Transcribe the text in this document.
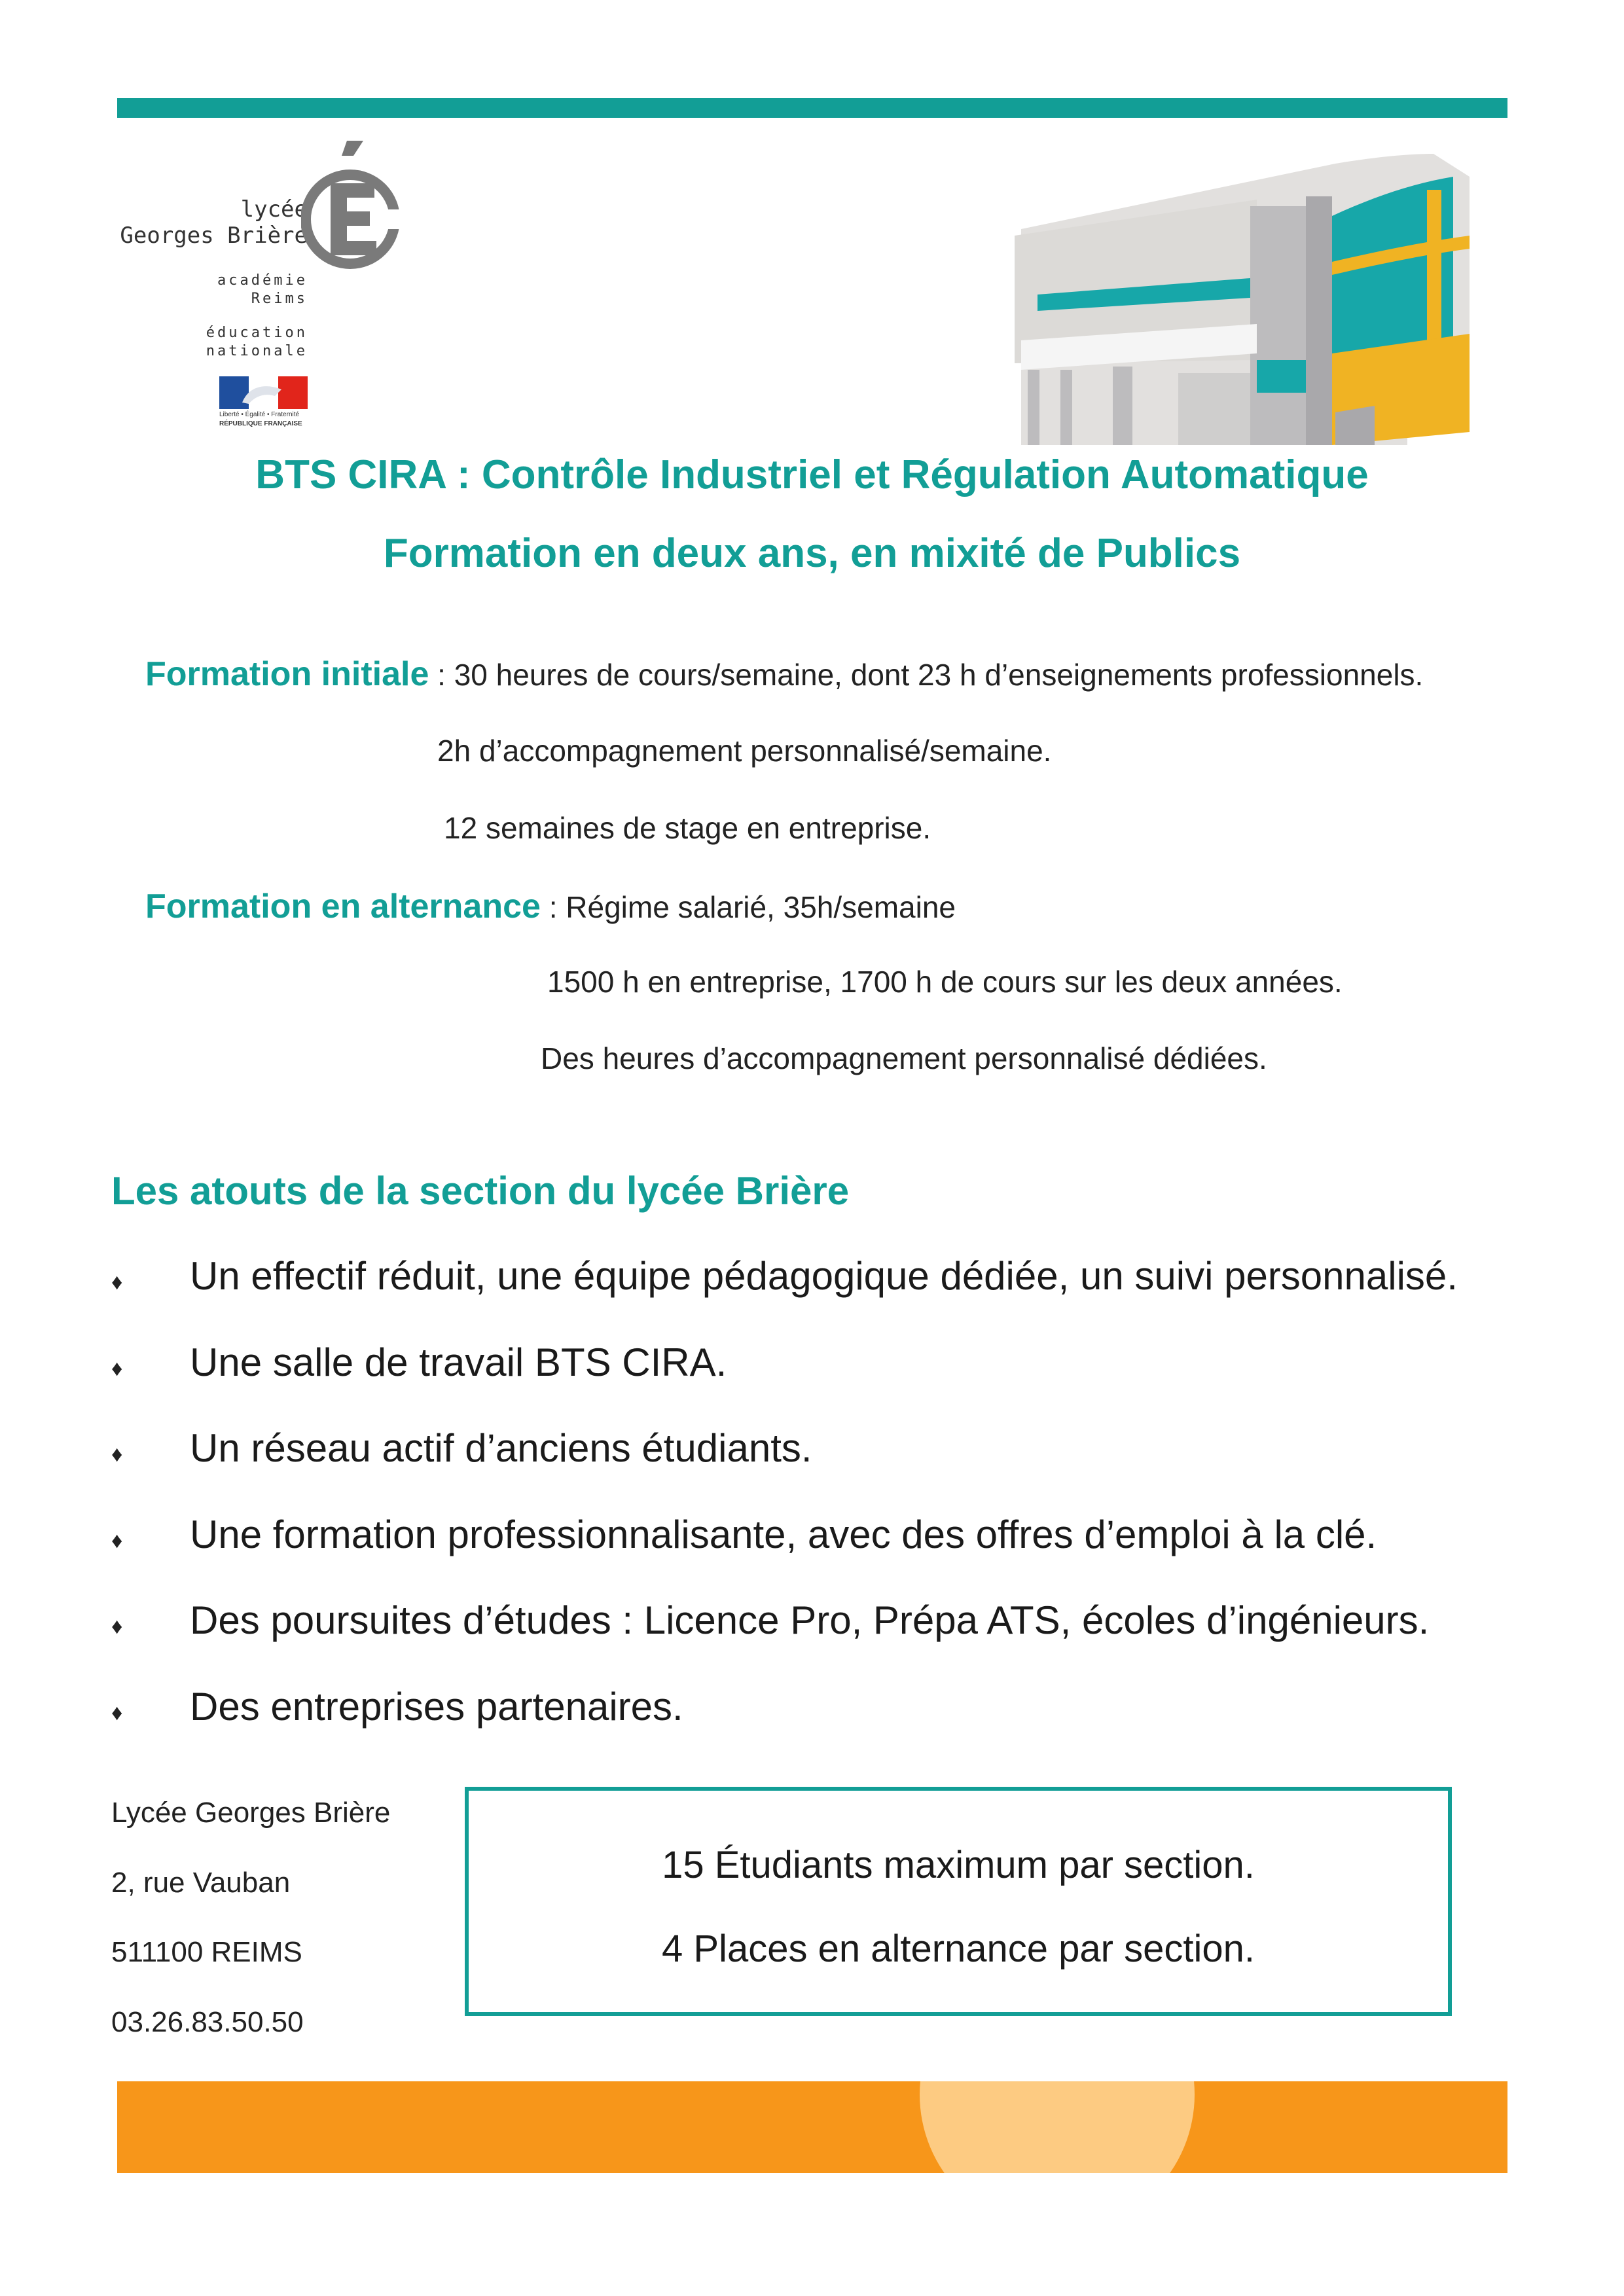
lycée
Georges Brière
académie
Reims
éducation
nationale
Liberté • Égalité • Fraternité
RÉPUBLIQUE FRANÇAISE
BTS CIRA : Contrôle Industriel et Régulation Automatique
Formation en deux ans, en mixité de Publics
Formation initiale : 30 heures de cours/semaine, dont 23 h d’enseignements professionnels.
2h d’accompagnement personnalisé/semaine.
12 semaines de stage en entreprise.
Formation en alternance : Régime salarié, 35h/semaine
1500 h en entreprise, 1700 h de cours sur les deux années.
Des heures d’accompagnement personnalisé dédiées.
Les atouts de la section du lycée Brière
♦ Un effectif réduit, une équipe pédagogique dédiée, un suivi personnalisé.
♦ Une salle de travail BTS CIRA.
♦ Un réseau actif d’anciens étudiants.
♦ Une formation professionnalisante, avec des offres d’emploi à la clé.
♦ Des poursuites d’études : Licence Pro, Prépa ATS, écoles d’ingénieurs.
♦ Des entreprises partenaires.
Lycée Georges Brière
2, rue Vauban
511100 REIMS
03.26.83.50.50
15 Étudiants maximum par section.
4 Places en alternance par section.
